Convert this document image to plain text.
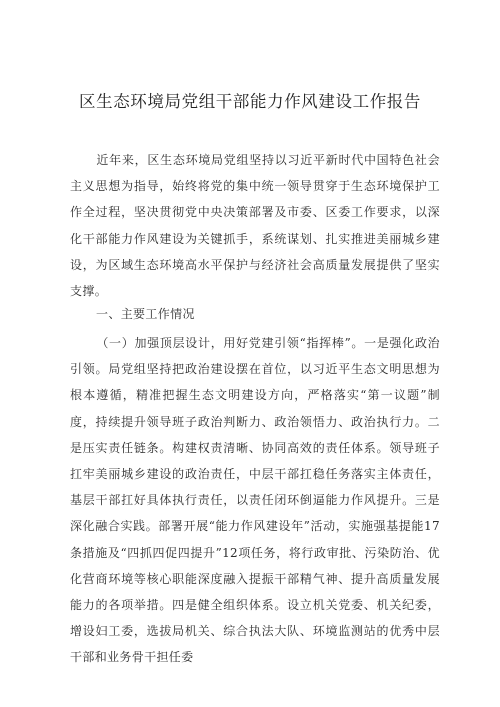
区生态环境局党组干部能力作风建设工作报告

近年来，区生态环境局党组坚持以习近平新时代中国特色社会主义思想为指导，始终将党的集中统一领导贯穿于生态环境保护工作全过程，坚决贯彻党中央决策部署及市委、区委工作要求，以深化干部能力作风建设为关键抓手，系统谋划、扎实推进美丽城乡建设，为区域生态环境高水平保护与经济社会高质量发展提供了坚实支撑。

一、主要工作情况

（一）加强顶层设计，用好党建引领“指挥棒”。一是强化政治引领。局党组坚持把政治建设摆在首位，以习近平生态文明思想为根本遵循，精准把握生态文明建设方向，严格落实“第一议题”制度，持续提升领导班子政治判断力、政治领悟力、政治执行力。二是压实责任链条。构建权责清晰、协同高效的责任体系。领导班子扛牢美丽城乡建设的政治责任，中层干部扛稳任务落实主体责任，基层干部扛好具体执行责任，以责任闭环倒逼能力作风提升。三是深化融合实践。部署开展“能力作风建设年”活动，实施强基提能17条措施及“四抓四促四提升”12项任务，将行政审批、污染防治、优化营商环境等核心职能深度融入提振干部精气神、提升高质量发展能力的各项举措。四是健全组织体系。设立机关党委、机关纪委，增设妇工委，选拔局机关、综合执法大队、环境监测站的优秀中层干部和业务骨干担任委
